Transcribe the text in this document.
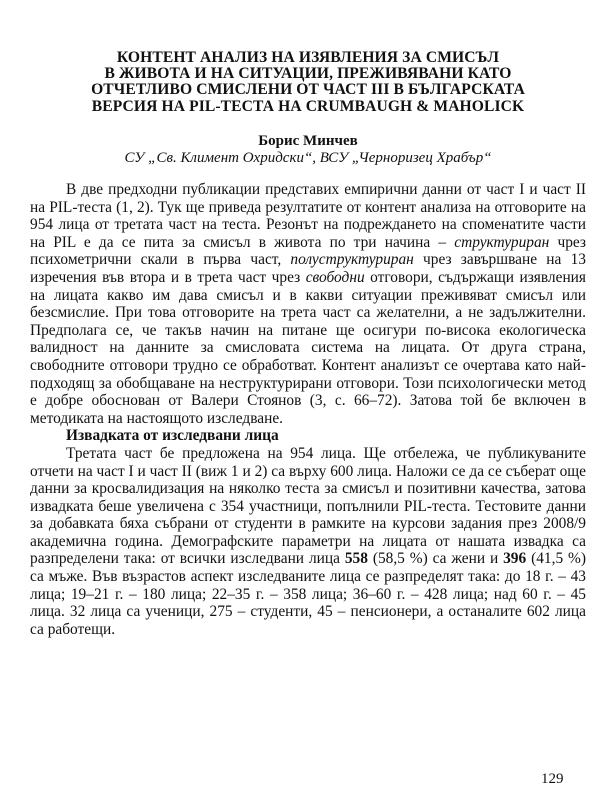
КОНТЕНТ АНАЛИЗ НА ИЗЯВЛЕНИЯ ЗА СМИСЪЛ
В ЖИВОТА И НА СИТУАЦИИ, ПРЕЖИВЯВАНИ КАТО
ОТЧЕТЛИВО СМИСЛЕНИ ОТ ЧАСТ III В БЪЛГАРСКАТА
ВЕРСИЯ НА PIL-ТЕСТА НА CRUMBAUGH & MAHOLICK
Борис Минчев
СУ „Св. Климент Охридски“, ВСУ „Черноризец Храбър“

В две предходни публикации представих емпирични данни от част I и част II на PIL-теста (1, 2). Тук ще приведа резултатите от контент анализа на отговорите на 954 лица от третата част на теста. Резонът на подреждането на споменатите части на PIL е да се пита за смисъл в живота по три начина – структуриран чрез психометрични скали в първа част, полуструктуриран чрез завършване на 13 изречения във втора и в трета част чрез свободни отговори, съдържащи изявления на лицата какво им дава смисъл и в какви ситуации преживяват смисъл или безсмислие. При това отговорите на трета част са желателни, а не задължителни. Предполага се, че такъв начин на питане ще осигури по-висока екологическа валидност на данните за смисловата система на лицата. От друга страна, свободните отговори трудно се обработват. Контент анализът се очертава като най-подходящ за обобщаване на неструктурирани отговори. Този психологически метод е добре обоснован от Валери Стоянов (3, с. 66–72). Затова той бе включен в методиката на настоящото изследване.

Извадката от изследвани лица

Третата част бе предложена на 954 лица. Ще отбележа, че публикуваните отчети на част I и част II (виж 1 и 2) са върху 600 лица. Наложи се да се съберат още данни за кросвалидизация на няколко теста за смисъл и позитивни качества, затова извадката беше увеличена с 354 участници, попълнили PIL-теста. Тестовите данни за добавката бяха събрани от студенти в рамките на курсови задания през 2008/9 академична година. Демографските параметри на лицата от нашата извадка са разпределени така: от всички изследвани лица 558 (58,5 %) са жени и 396 (41,5 %) са мъже. Във възрастов аспект изследваните лица се разпределят така: до 18 г. – 43 лица; 19–21 г. – 180 лица; 22–35 г. – 358 лица; 36–60 г. – 428 лица; над 60 г. – 45 лица. 32 лица са ученици, 275 – студенти, 45 – пенсионери, а останалите 602 лица са работещи.

129
